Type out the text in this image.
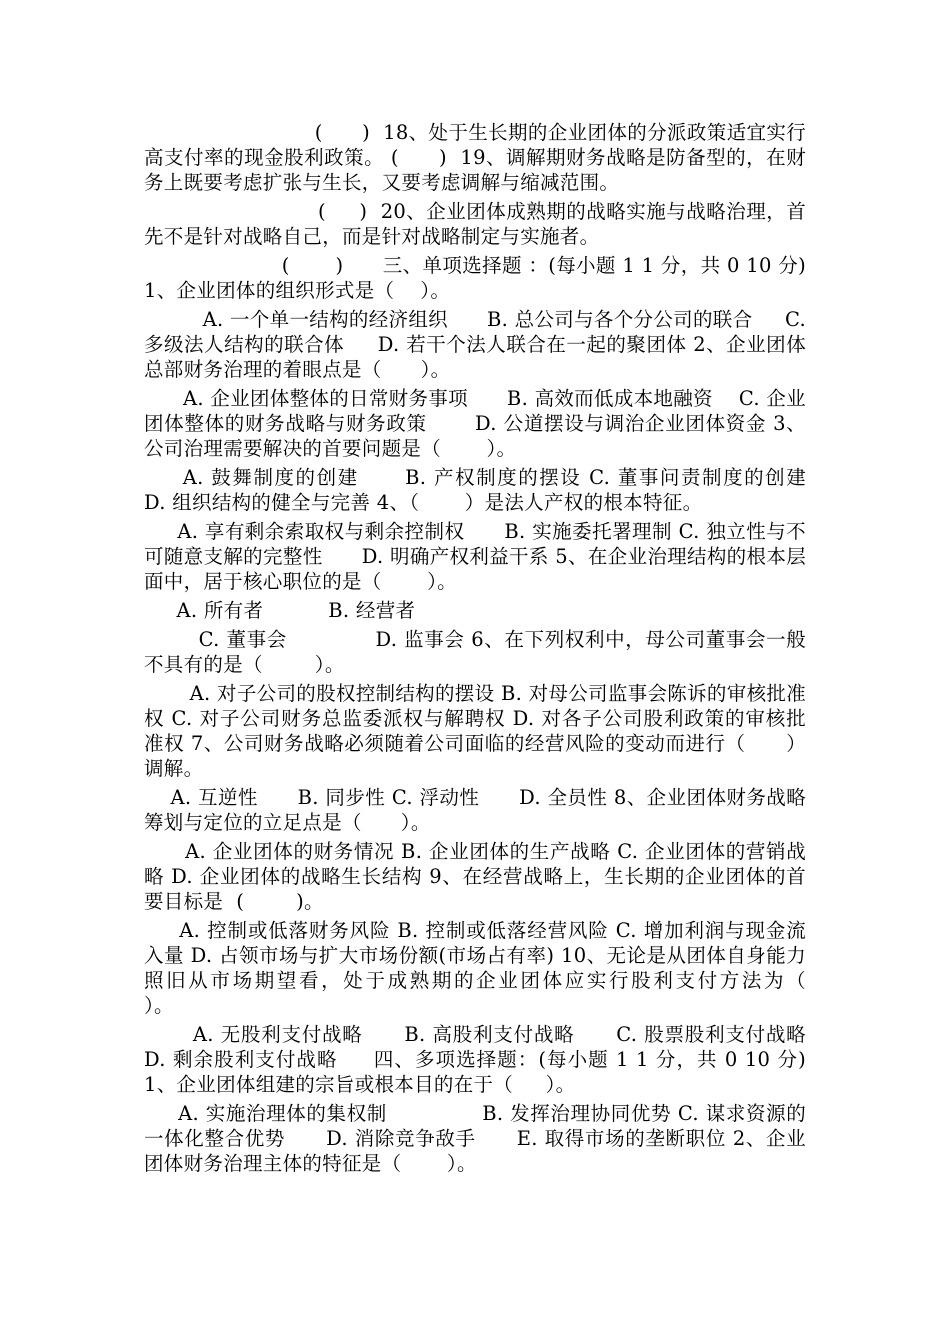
(      )  18、处于生长期的企业团体的分派政策适宜实行高支付率的现金股利政策。 (      )  19、调解期财务战略是防备型的，在财务上既要考虑扩张与生长，又要考虑调解与缩减范围。

(     )  20、企业团体成熟期的战略实施与战略治理，首先不是针对战略自己，而是针对战略制定与实施者。

(       )      三、单项选择题 ：(每小题 1 1 分，共 0 10 分)      1、企业团体的组织形式是（    ）。

A. 一个单一结构的经济组织      B. 总公司与各个分公司的联合     C. 多级法人结构的联合体     D. 若干个法人联合在一起的聚团体 2、企业团体总部财务治理的着眼点是（      ）。

A. 企业团体整体的日常财务事项      B. 高效而低成本地融资    C. 企业团体整体的财务战略与财务政策       D. 公道摆设与调治企业团体资金 3、公司治理需要解决的首要问题是（       ）。

A. 鼓舞制度的创建      B. 产权制度的摆设 C. 董事问责制度的创建    D. 组织结构的健全与完善 4、（       ）是法人产权的根本特征。

A. 享有剩余索取权与剩余控制权      B. 实施委托署理制 C. 独立性与不可随意支解的完整性      D. 明确产权利益干系 5、在企业治理结构的根本层面中，居于核心职位的是（       ）。

A. 所有者          B. 经营者

C. 董事会             D. 监事会 6、在下列权利中，母公司董事会一般不具有的是（        ）。

A. 对子公司的股权控制结构的摆设 B. 对母公司监事会陈诉的审核批准权 C. 对子公司财务总监委派权与解聘权 D. 对各子公司股利政策的审核批准权 7、公司财务战略必须随着公司面临的经营风险的变动而进行（      ）调解。

A. 互逆性      B. 同步性 C. 浮动性      D. 全员性 8、企业团体财务战略筹划与定位的立足点是（      ）。

A. 企业团体的财务情况 B. 企业团体的生产战略 C. 企业团体的营销战略 D. 企业团体的战略生长结构 9、在经营战略上，生长期的企业团体的首要目标是  (        )。

A. 控制或低落财务风险 B. 控制或低落经营风险 C. 增加利润与现金流入量 D. 占领市场与扩大市场份额(市场占有率) 10、无论是从团体自身能力照旧从市场期望看，处于成熟期的企业团体应实行股利支付方法为（       ）。

A. 无股利支付战略      B. 高股利支付战略      C. 股票股利支付战略      D. 剩余股利支付战略     四、多项选择题：(每小题 1 1 分，共 0 10 分)    1、企业团体组建的宗旨或根本目的在于（     ）。

A. 实施治理体的集权制              B. 发挥治理协同优势 C. 谋求资源的一体化整合优势      D. 消除竞争敌手      E. 取得市场的垄断职位 2、企业团体财务治理主体的特征是（       ）。
